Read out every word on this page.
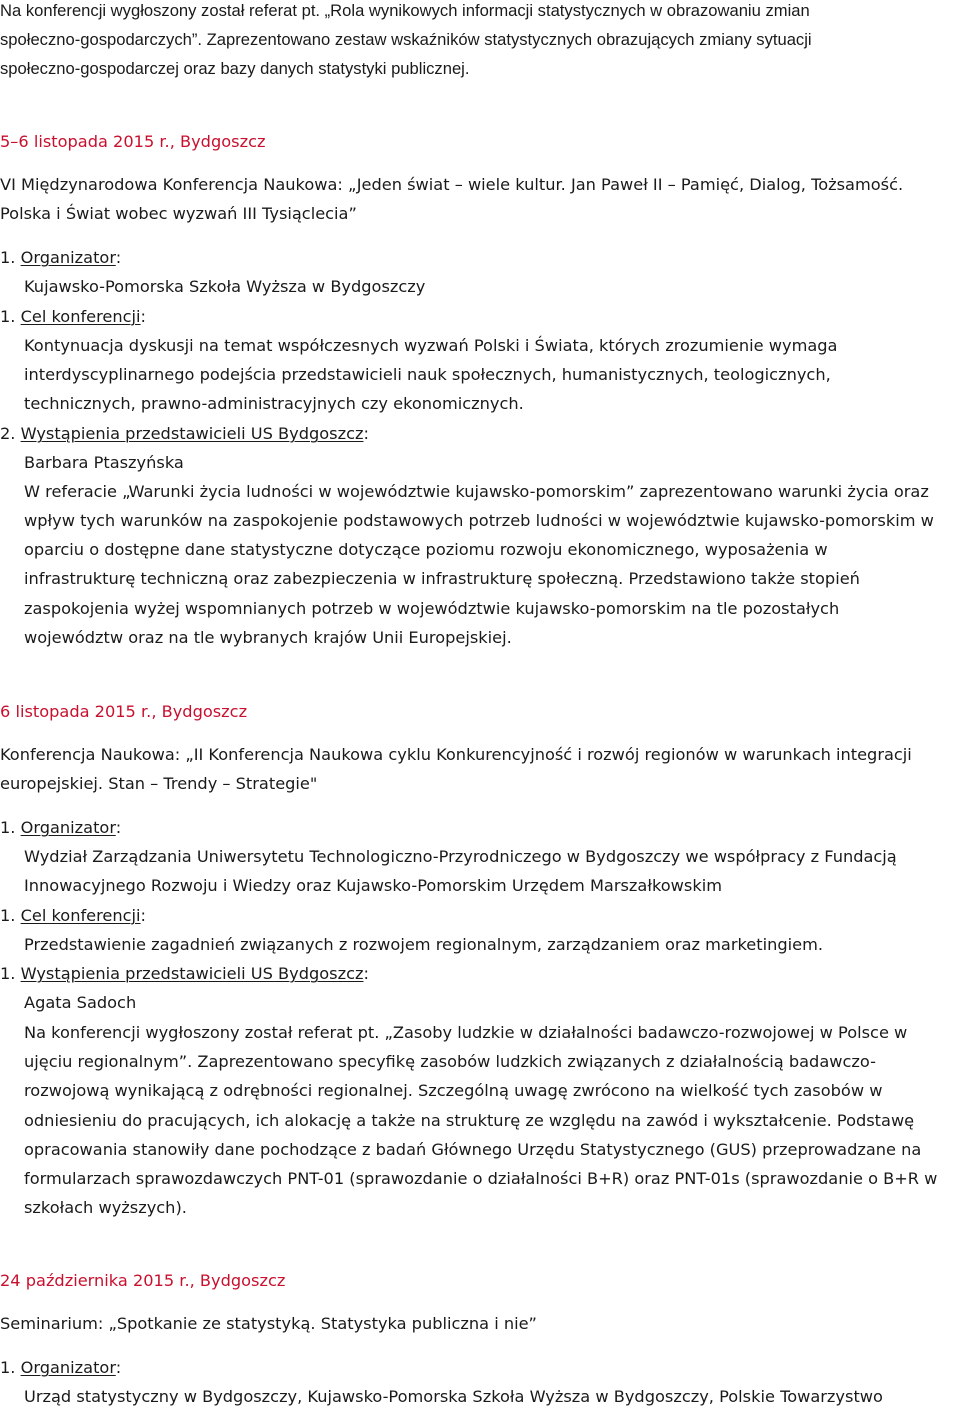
Na konferencji wygłoszony został referat pt. „Rola wynikowych informacji statystycznych w obrazowaniu zmian
społeczno-gospodarczych”. Zaprezentowano zestaw wskaźników statystycznych obrazujących zmiany sytuacji
społeczno-gospodarczej oraz bazy danych statystyki publicznej.
5–6 listopada 2015 r., Bydgoszcz
VI Międzynarodowa Konferencja Naukowa: „Jeden świat – wiele kultur. Jan Paweł II – Pamięć, Dialog, Tożsamość.
Polska i Świat wobec wyzwań III Tysiąclecia”
1. Organizator:
Kujawsko-Pomorska Szkoła Wyższa w Bydgoszczy
1. Cel konferencji:
Kontynuacja dyskusji na temat współczesnych wyzwań Polski i Świata, których zrozumienie wymaga
interdyscyplinarnego podejścia przedstawicieli nauk społecznych, humanistycznych, teologicznych,
technicznych, prawno-administracyjnych czy ekonomicznych.
2. Wystąpienia przedstawicieli US Bydgoszcz:
Barbara Ptaszyńska
W referacie „Warunki życia ludności w województwie kujawsko-pomorskim” zaprezentowano warunki życia oraz
wpływ tych warunków na zaspokojenie podstawowych potrzeb ludności w województwie kujawsko-pomorskim w
oparciu o dostępne dane statystyczne dotyczące poziomu rozwoju ekonomicznego, wyposażenia w
infrastrukturę techniczną oraz zabezpieczenia w infrastrukturę społeczną. Przedstawiono także stopień
zaspokojenia wyżej wspomnianych potrzeb w województwie kujawsko-pomorskim na tle pozostałych
województw oraz na tle wybranych krajów Unii Europejskiej.
6 listopada 2015 r., Bydgoszcz
Konferencja Naukowa: „II Konferencja Naukowa cyklu Konkurencyjność i rozwój regionów w warunkach integracji
europejskiej. Stan – Trendy – Strategie"
1. Organizator:
Wydział Zarządzania Uniwersytetu Technologiczno-Przyrodniczego w Bydgoszczy we współpracy z Fundacją
Innowacyjnego Rozwoju i Wiedzy oraz Kujawsko-Pomorskim Urzędem Marszałkowskim
1. Cel konferencji:
Przedstawienie zagadnień związanych z rozwojem regionalnym, zarządzaniem oraz marketingiem.
1. Wystąpienia przedstawicieli US Bydgoszcz:
Agata Sadoch
Na konferencji wygłoszony został referat pt. „Zasoby ludzkie w działalności badawczo-rozwojowej w Polsce w
ujęciu regionalnym”. Zaprezentowano specyfikę zasobów ludzkich związanych z działalnością badawczo-
rozwojową wynikającą z odrębności regionalnej. Szczególną uwagę zwrócono na wielkość tych zasobów w
odniesieniu do pracujących, ich alokację a także na strukturę ze względu na zawód i wykształcenie. Podstawę
opracowania stanowiły dane pochodzące z badań Głównego Urzędu Statystycznego (GUS) przeprowadzane na
formularzach sprawozdawczych PNT-01 (sprawozdanie o działalności B+R) oraz PNT-01s (sprawozdanie o B+R w
szkołach wyższych).
24 października 2015 r., Bydgoszcz
Seminarium: „Spotkanie ze statystyką. Statystyka publiczna i nie”
1. Organizator:
Urząd statystyczny w Bydgoszczy, Kujawsko-Pomorska Szkoła Wyższa w Bydgoszczy, Polskie Towarzystwo
